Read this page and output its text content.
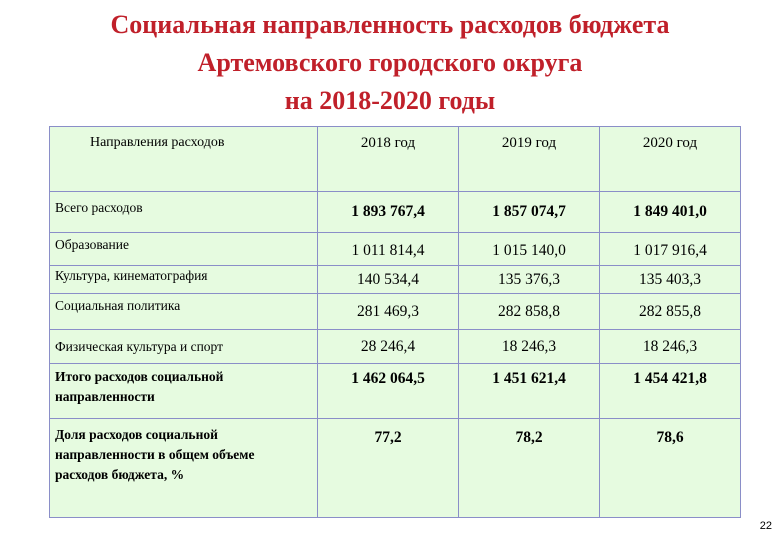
Социальная направленность расходов бюджета
Артемовского городского округа
на 2018-2020 годы
Направления расходов	2018 год	2019 год	2020 год
Всего расходов	1 893 767,4	1 857 074,7	1 849 401,0
Образование	1 011 814,4	1 015 140,0	1 017 916,4
Культура, кинематография	140 534,4	135 376,3	135 403,3
Социальная политика	281 469,3	282 858,8	282 855,8
Физическая культура и спорт	28 246,4	18 246,3	18 246,3

Итого расходов социальной
направленности	1 462 064,5	1 451 621,4	1 454 421,8

Доля расходов социальной
направленности в общем объеме
расходов бюджета, %	77,2	78,2	78,6
22
